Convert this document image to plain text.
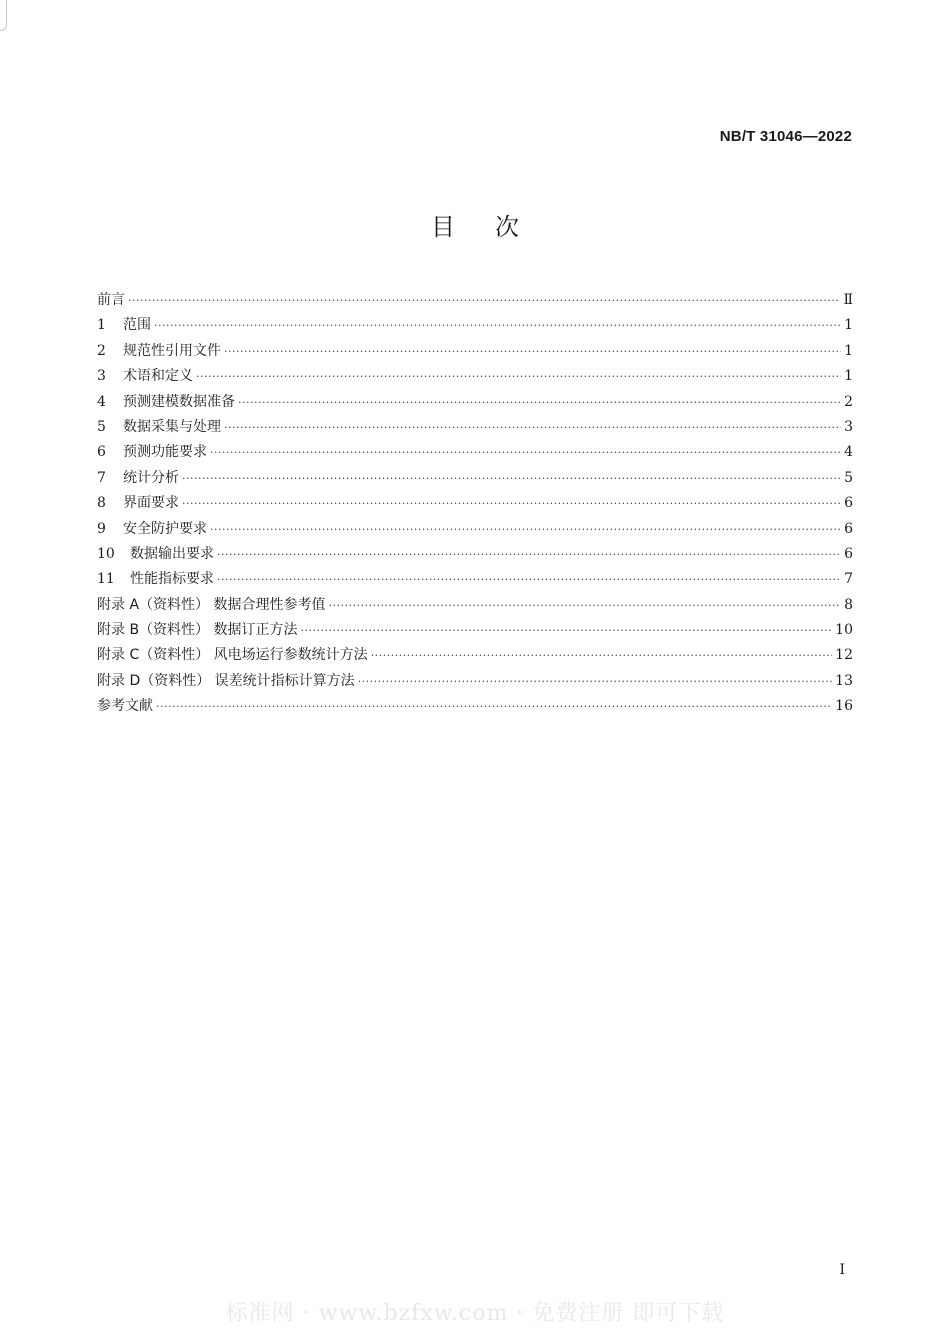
NB/T 31046—2022
目次
前言 ·····	Ⅱ
1	范围 ·····	1
2	规范性引用文件 ·····	1
3	术语和定义 ·····	1
4	预测建模数据准备 ·····	2
5	数据采集与处理 ·····	3
6	预测功能要求 ·····	4
7	统计分析 ·····	5
8	界面要求 ·····	6
9	安全防护要求 ·····	6
10	数据输出要求 ·····	6
11	性能指标要求 ·····	7
附录 A（资料性） 数据合理性参考值 ·····	8
附录 B（资料性） 数据订正方法 ·····	10
附录 C（资料性） 风电场运行参数统计方法 ·····	12
附录 D（资料性） 误差统计指标计算方法 ·····	13
参考文献 ·····	16
I
标准网 · www.bzfxw.com · 免费注册 即可下载
